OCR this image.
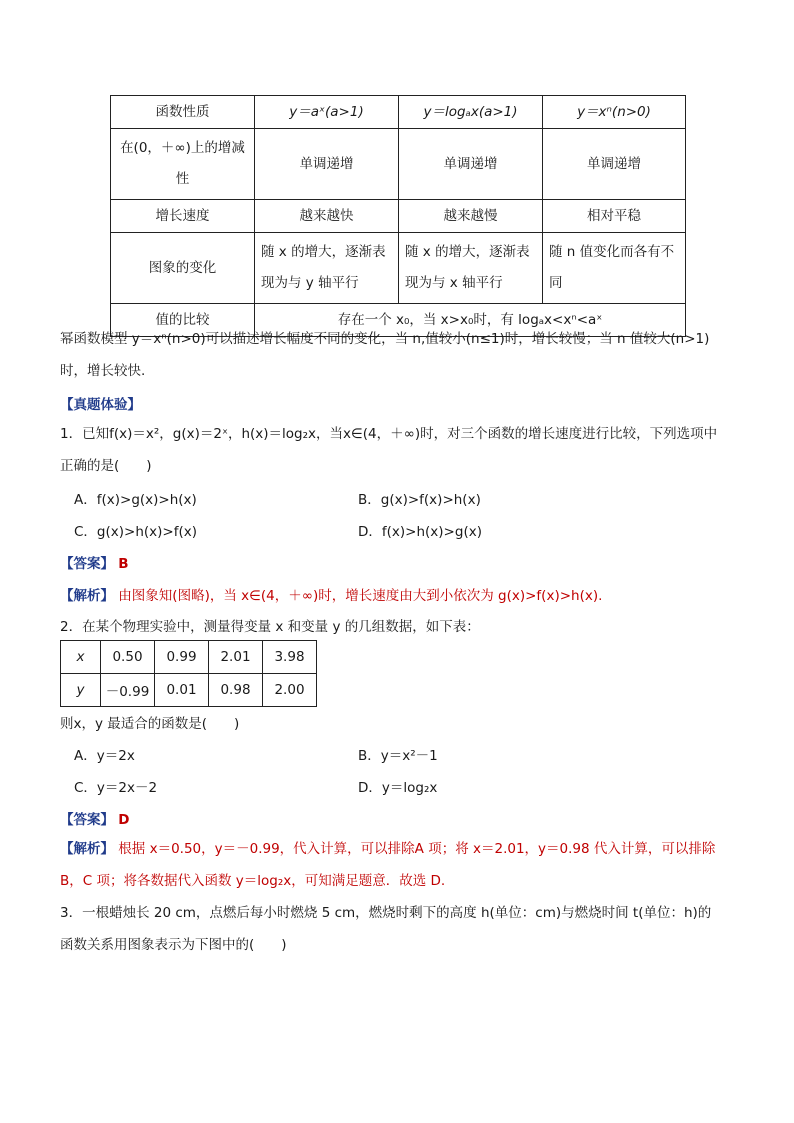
函数性质	y＝aˣ(a>1)	y＝logₐx(a>1)	y＝xⁿ(n>0)
在(0，＋∞)上的增减性	单调递增	单调递增	单调递增
增长速度	越来越快	越来越慢	相对平稳
图象的变化	随 x 的增大，逐渐表现为与 y 轴平行	随 x 的增大，逐渐表现为与 x 轴平行	随 n 值变化而各有不同
值的比较	存在一个 x₀，当 x>x₀时，有 logₐx<xⁿ<aˣ		
幂函数模型 y＝xⁿ(n>0)可以描述增长幅度不同的变化，当 n,值较小(n≤1)时，增长较慢；当 n 值较大(n>1)时，增长较快.
【真题体验】
1．已知f(x)＝x²，g(x)＝2ˣ，h(x)＝log₂x，当x∈(4，＋∞)时，对三个函数的增长速度进行比较，下列选项中正确的是(　　)
A．f(x)>g(x)>h(x)	B．g(x)>f(x)>h(x)
C．g(x)>h(x)>f(x)	D．f(x)>h(x)>g(x)
【答案】 B
【解析】 由图象知(图略)，当 x∈(4，＋∞)时，增长速度由大到小依次为 g(x)>f(x)>h(x).
2．在某个物理实验中，测量得变量 x 和变量 y 的几组数据，如下表：
x	0.50	0.99	2.01	3.98
y	－0.99	0.01	0.98	2.00
则x，y 最适合的函数是(　　)
A．y＝2x	B．y＝x²－1
C．y＝2x－2	D．y＝log₂x
【答案】 D
【解析】 根据 x＝0.50，y＝－0.99，代入计算，可以排除A 项；将 x＝2.01，y＝0.98 代入计算，可以排除B，C 项；将各数据代入函数 y＝log₂x，可知满足题意．故选 D.
3．一根蜡烛长 20 cm，点燃后每小时燃烧 5 cm，燃烧时剩下的高度 h(单位：cm)与燃烧时间 t(单位：h)的函数关系用图象表示为下图中的(　　)
